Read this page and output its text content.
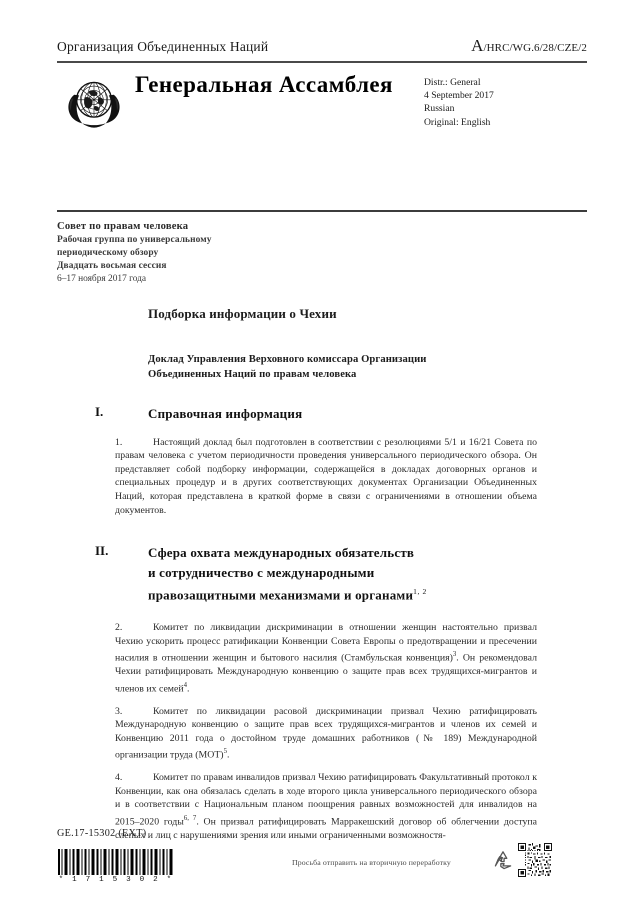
Организация Объединенных Наций	A/HRC/WG.6/28/CZE/2
Генеральная Ассамблея	Distr.: General
4 September 2017
Russian
Original: English
Совет по правам человека
Рабочая группа по универсальному
периодическому обзору
Двадцать восьмая сессия
6–17 ноября 2017 года
Подборка информации о Чехии
Доклад Управления Верховного комиссара Организации
Объединенных Наций по правам человека
I.	Справочная информация
1.	Настоящий доклад был подготовлен в соответствии с резолюциями 5/1 и 16/21 Совета по правам человека с учетом периодичности проведения универсального периодического обзора. Он представляет собой подборку информации, содержащейся в докладах договорных органов и специальных процедур и в других соответствующих документах Организации Объединенных Наций, которая представлена в краткой форме в связи с ограничениями в отношении объема документов.
II.	Сфера охвата международных обязательств
и сотрудничество с международными
правозащитными механизмами и органами$^{1, 2}$
2.	Комитет по ликвидации дискриминации в отношении женщин настоятельно призвал Чехию ускорить процесс ратификации Конвенции Совета Европы о предотвращении и пресечении насилия в отношении женщин и бытового насилия (Стамбульская конвенция)$^3$. Он рекомендовал Чехии ратифицировать Международную конвенцию о защите прав всех трудящихся-мигрантов и членов их семей$^4$.
3.	Комитет по ликвидации расовой дискриминации призвал Чехию ратифицировать Международную конвенцию о защите прав всех трудящихся-мигрантов и членов их семей и Конвенцию 2011 года о достойном труде домашних работников (№ 189) Международной организации труда (МОТ)$^5$.
4.	Комитет по правам инвалидов призвал Чехию ратифицировать Факультативный протокол к Конвенции, как она обязалась сделать в ходе второго цикла универсального периодического обзора и в соответствии с Национальным планом поощрения равных возможностей для инвалидов на 2015–2020 годы$^{6, 7}$. Он призвал ратифицировать Марракешский договор об облегчении доступа слепых и лиц с нарушениями зрения или иными ограниченными возможностя-
GE.17-15302 (EXT)
* 1 7 1 5 3 0 2 *
Просьба отправить на вторичную переработку
